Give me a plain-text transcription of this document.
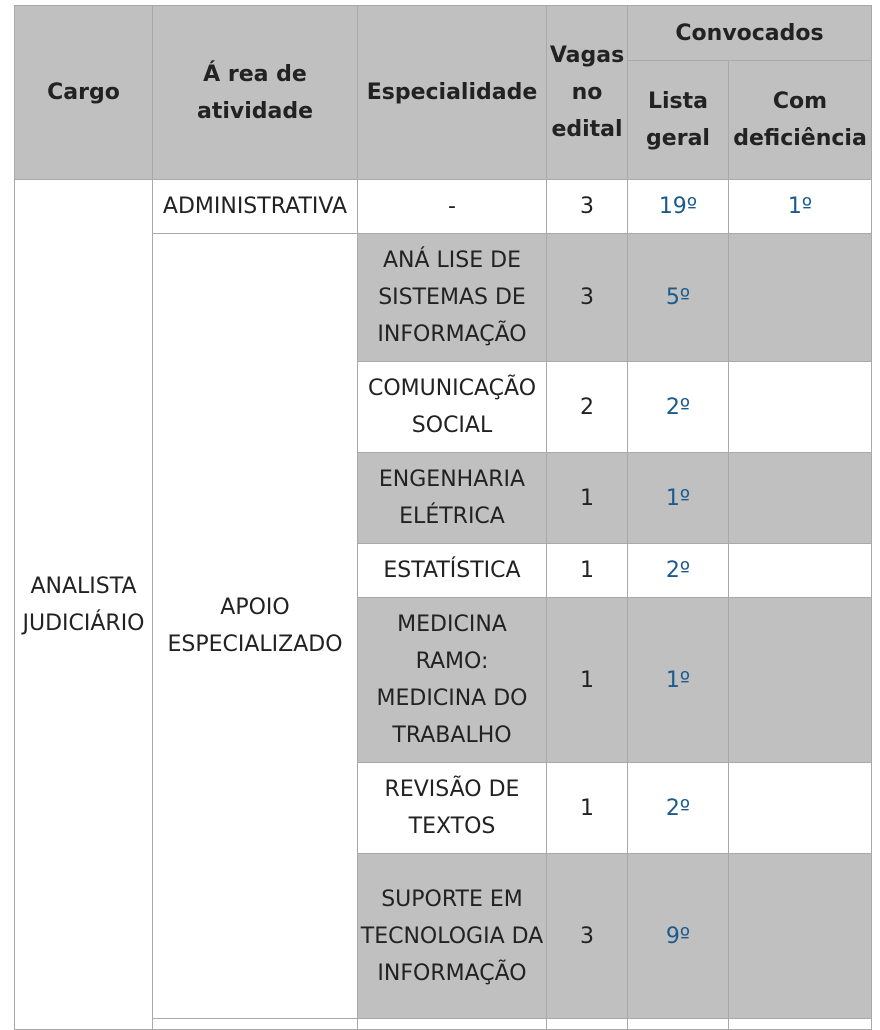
Cargo	Á rea de atividade	Especialidade	Vagas no edital	Convocados	
				Lista geral	Com deficiência
ANALISTA JUDICIÁRIO	ADMINISTRATIVA	-	3	19º	1º
	APOIO ESPECIALIZADO	ANÁ LISE DE SISTEMAS DE INFORMAÇÃO	3	5º	
		COMUNICAÇÃO SOCIAL	2	2º	
		ENGENHARIA ELÉTRICA	1	1º	
		ESTATÍSTICA	1	2º	
		MEDICINA RAMO: MEDICINA DO TRABALHO	1	1º	
		REVISÃO DE TEXTOS	1	2º	
		SUPORTE EM TECNOLOGIA DA INFORMAÇÃO	3	9º	
